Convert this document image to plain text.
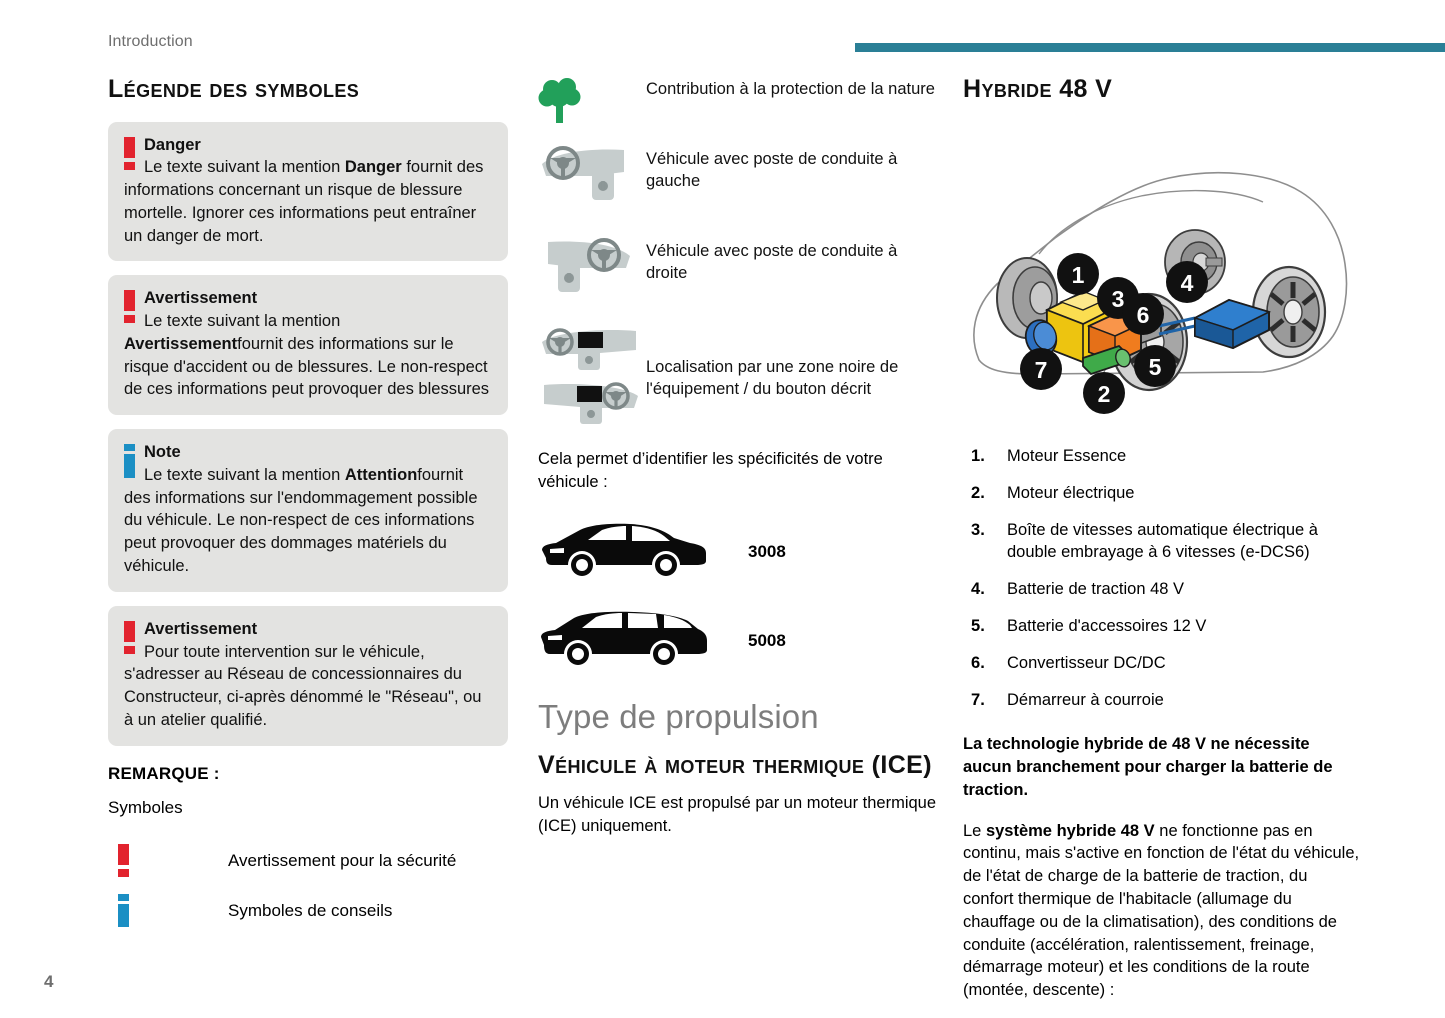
Introduction
Légende des symboles

Danger
Le texte suivant la mention Danger fournit des informations concernant un risque de blessure mortelle. Ignorer ces informations peut entraîner un danger de mort.

Avertissement
Le texte suivant la mention Avertissementfournit des informations sur le risque d'accident ou de blessures. Le non-respect de ces informations peut provoquer des blessures

Note
Le texte suivant la mention Attentionfournit des informations sur l'endommagement possible du véhicule. Le non-respect de ces informations peut provoquer des dommages matériels du véhicule.

Avertissement
Pour toute intervention sur le véhicule, s'adresser au Réseau de concessionnaires du Constructeur, ci-après dénommé le "Réseau", ou à un atelier qualifié.

REMARQUE :
Symboles
Avertissement pour la sécurité
Symboles de conseils
Contribution à la protection de la nature
Véhicule avec poste de conduite à gauche
Véhicule avec poste de conduite à droite
Localisation par une zone noire de l'équipement / du bouton décrit
Cela permet d’identifier les spécificités de votre véhicule :
3008
5008
Type de propulsion
Véhicule à moteur thermique (ICE)

Un véhicule ICE est propulsé par un moteur thermique (ICE) uniquement.

Hybride 48 V
1
2
3
4
5
6
7
Moteur Essence
Moteur électrique
Boîte de vitesses automatique électrique à double embrayage à 6 vitesses (e-DCS6)
Batterie de traction 48 V
Batterie d'accessoires 12 V
Convertisseur DC/DC
Démarreur à courroie

La technologie hybride de 48 V ne nécessite aucun branchement pour charger la batterie de traction.

Le système hybride 48 V ne fonctionne pas en continu, mais s'active en fonction de l'état du véhicule, de l'état de charge de la batterie de traction, du confort thermique de l'habitacle (allumage du chauffage ou de la climatisation), des conditions de conduite (accélération, ralentissement, freinage, démarrage moteur) et les conditions de la route (montée, descente) :

4
